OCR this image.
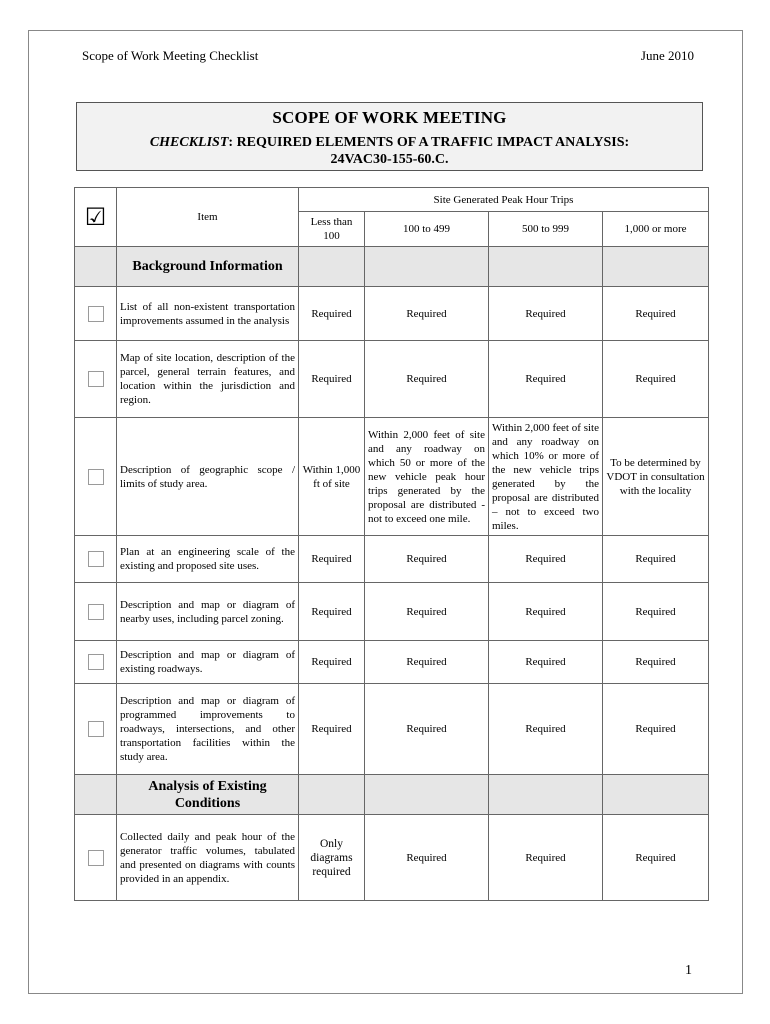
Scope of Work Meeting Checklist	June 2010
SCOPE OF WORK MEETING
CHECKLIST: REQUIRED ELEMENTS OF A TRAFFIC IMPACT ANALYSIS:
24VAC30-155-60.C.
☑	Item	Site Generated Peak Hour Trips			
		Less than 100	100 to 499	500 to 999	1,000 or more
	Background Information				
	List of all non-existent transportation improvements assumed in the analysis	Required	Required	Required	Required
	Map of site location, description of the parcel, general terrain features, and location within the jurisdiction and region.	Required	Required	Required	Required
	Description of geographic scope / limits of study area.	Within 1,000 ft of site	Within 2,000 feet of site and any roadway on which 50 or more of the new vehicle peak hour trips generated by the proposal are distributed - not to exceed one mile.	Within 2,000 feet of site and any roadway on which 10% or more of the new vehicle trips generated by the proposal are distributed – not to exceed two miles.	To be determined by VDOT in consultation with the locality
	Plan at an engineering scale of the existing and proposed site uses.	Required	Required	Required	Required
	Description and map or diagram of nearby uses, including parcel zoning.	Required	Required	Required	Required
	Description and map or diagram of existing roadways.	Required	Required	Required	Required
	Description and map or diagram of programmed improvements to roadways, intersections, and other transportation facilities within the study area.	Required	Required	Required	Required
	Analysis of Existing Conditions				
	Collected daily and peak hour of the generator traffic volumes, tabulated and presented on diagrams with counts provided in an appendix.	Only diagrams required	Required	Required	Required
1
